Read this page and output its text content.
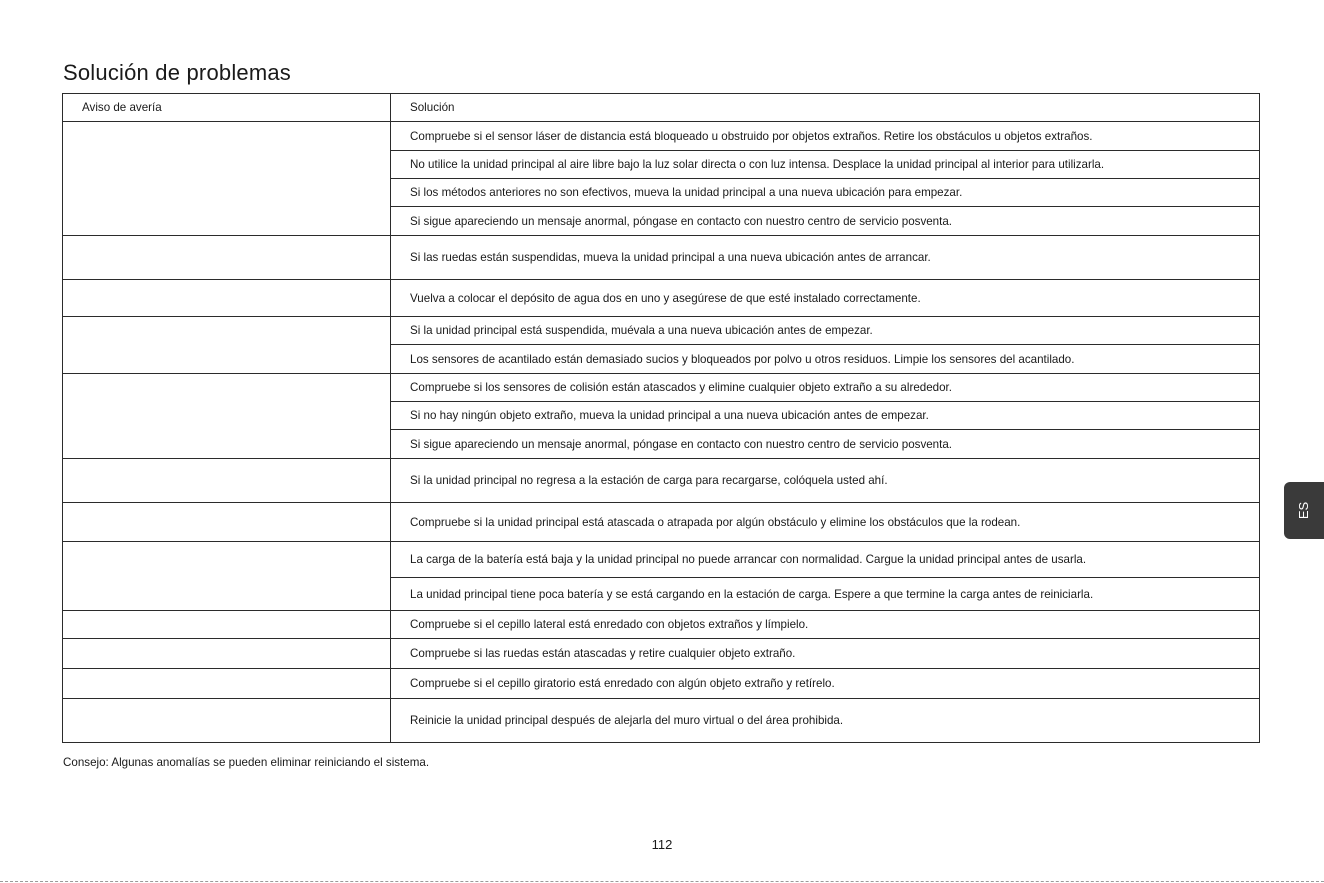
Solución de problemas
Aviso de avería	Solución
	Compruebe si el sensor láser de distancia está bloqueado u obstruido por objetos extraños. Retire los obstáculos u objetos extraños.
	No utilice la unidad principal al aire libre bajo la luz solar directa o con luz intensa. Desplace la unidad principal al interior para utilizarla.
	Si los métodos anteriores no son efectivos, mueva la unidad principal a una nueva ubicación para empezar.
	Si sigue apareciendo un mensaje anormal, póngase en contacto con nuestro centro de servicio posventa.
	Si las ruedas están suspendidas, mueva la unidad principal a una nueva ubicación antes de arrancar.
	Vuelva a colocar el depósito de agua dos en uno y asegúrese de que esté instalado correctamente.
	Si la unidad principal está suspendida, muévala a una nueva ubicación antes de empezar.
	Los sensores de acantilado están demasiado sucios y bloqueados por polvo u otros residuos. Limpie los sensores del acantilado.
	Compruebe si los sensores de colisión están atascados y elimine cualquier objeto extraño a su alrededor.
	Si no hay ningún objeto extraño, mueva la unidad principal a una nueva ubicación antes de empezar.
	Si sigue apareciendo un mensaje anormal, póngase en contacto con nuestro centro de servicio posventa.
	Si la unidad principal no regresa a la estación de carga para recargarse, colóquela usted ahí.
	Compruebe si la unidad principal está atascada o atrapada por algún obstáculo y elimine los obstáculos que la rodean.
	La carga de la batería está baja y la unidad principal no puede arrancar con normalidad. Cargue la unidad principal antes de usarla.
	La unidad principal tiene poca batería y se está cargando en la estación de carga. Espere a que termine la carga antes de reiniciarla.
	Compruebe si el cepillo lateral está enredado con objetos extraños y límpielo.
	Compruebe si las ruedas están atascadas y retire cualquier objeto extraño.
	Compruebe si el cepillo giratorio está enredado con algún objeto extraño y retírelo.
	Reinicie la unidad principal después de alejarla del muro virtual o del área prohibida.
Consejo: Algunas anomalías se pueden eliminar reiniciando el sistema.
112
ES
